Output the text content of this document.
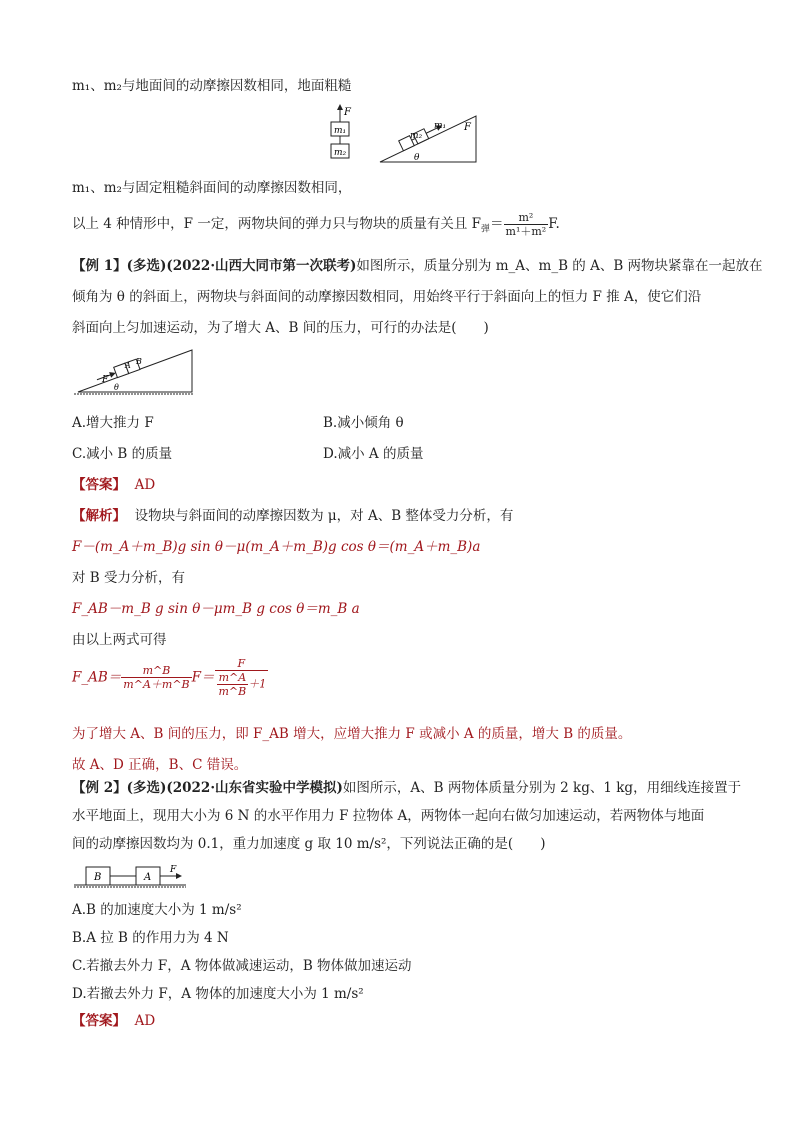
m₁、m₂与地面间的动摩擦因数相同，地面粗糙
F
m₁
m₂
m₂
m₁ F
θ
m₁、m₂与固定粗糙斜面间的动摩擦因数相同，
以上 4 种情形中，F 一定，两物块间的弹力只与物块的质量有关且 $F_弹= \frac{\text{m²}}{\text{m¹＋m²}} F$.
【例 1】(多选)(2022·山西大同市第一次联考)如图所示，质量分别为 m_A、m_B 的 A、B 两物块紧靠在一起放在
倾角为 θ 的斜面上，两物块与斜面间的动摩擦因数相同，用始终平行于斜面向上的恒力 F 推 A，使它们沿
斜面向上匀加速运动，为了增大 A、B 间的压力，可行的办法是(　　)
A B
F
θ
A.增大推力 F	B.减小倾角 θ
C.减小 B 的质量	D.减小 A 的质量
【答案】 AD
【解析】 设物块与斜面间的动摩擦因数为 μ，对 A、B 整体受力分析，有
F－(m_A＋m_B)g sin θ－μ(m_A＋m_B)g cos θ＝(m_A＋m_B)a
对 B 受力分析，有
F_AB－m_B g sin θ－μm_B g cos θ＝m_B a
由以上两式可得
F_AB＝ $\frac{m\^{}B}{m\^{}A+m\^{}B} F= \frac{F}{\frac{m\^{}A}{m\^{}B} +1}$
为了增大 A、B 间的压力，即 F_AB 增大，应增大推力 F 或减小 A 的质量，增大 B 的质量。
故 A、D 正确，B、C 错误。
【例 2】(多选)(2022·山东省实验中学模拟)如图所示，A、B 两物体质量分别为 2 kg、1 kg，用细线连接置于
水平地面上，现用大小为 6 N 的水平作用力 F 拉物体 A，两物体一起向右做匀加速运动，若两物体与地面
间的动摩擦因数均为 0.1，重力加速度 g 取 10 m/s²，下列说法正确的是(　　)
B	A
F
A.B 的加速度大小为 1 m/s²
B.A 拉 B 的作用力为 4 N
C.若撤去外力 F，A 物体做减速运动，B 物体做加速运动
D.若撤去外力 F，A 物体的加速度大小为 1 m/s²
【答案】 AD
